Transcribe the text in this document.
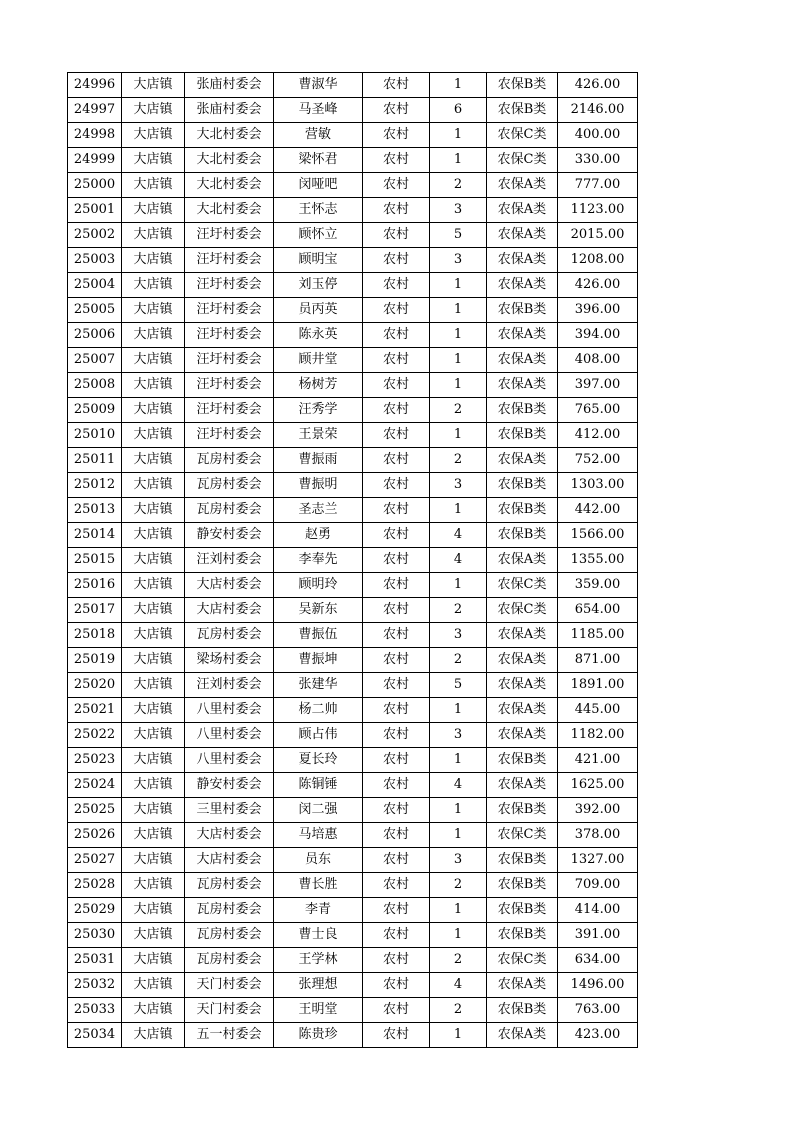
24996	大店镇	张庙村委会	曹淑华	农村	1	农保B类	426.00
24997	大店镇	张庙村委会	马圣峰	农村	6	农保B类	2146.00
24998	大店镇	大北村委会	营敏	农村	1	农保C类	400.00
24999	大店镇	大北村委会	梁怀君	农村	1	农保C类	330.00
25000	大店镇	大北村委会	闵哑吧	农村	2	农保A类	777.00
25001	大店镇	大北村委会	王怀志	农村	3	农保A类	1123.00
25002	大店镇	汪圩村委会	顾怀立	农村	5	农保A类	2015.00
25003	大店镇	汪圩村委会	顾明宝	农村	3	农保A类	1208.00
25004	大店镇	汪圩村委会	刘玉停	农村	1	农保A类	426.00
25005	大店镇	汪圩村委会	员丙英	农村	1	农保B类	396.00
25006	大店镇	汪圩村委会	陈永英	农村	1	农保A类	394.00
25007	大店镇	汪圩村委会	顾井堂	农村	1	农保A类	408.00
25008	大店镇	汪圩村委会	杨树芳	农村	1	农保A类	397.00
25009	大店镇	汪圩村委会	汪秀学	农村	2	农保B类	765.00
25010	大店镇	汪圩村委会	王景荣	农村	1	农保B类	412.00
25011	大店镇	瓦房村委会	曹振雨	农村	2	农保A类	752.00
25012	大店镇	瓦房村委会	曹振明	农村	3	农保B类	1303.00
25013	大店镇	瓦房村委会	圣志兰	农村	1	农保B类	442.00
25014	大店镇	静安村委会	赵勇	农村	4	农保B类	1566.00
25015	大店镇	汪刘村委会	李奉先	农村	4	农保A类	1355.00
25016	大店镇	大店村委会	顾明玲	农村	1	农保C类	359.00
25017	大店镇	大店村委会	吴新东	农村	2	农保C类	654.00
25018	大店镇	瓦房村委会	曹振伍	农村	3	农保A类	1185.00
25019	大店镇	梁场村委会	曹振坤	农村	2	农保A类	871.00
25020	大店镇	汪刘村委会	张建华	农村	5	农保A类	1891.00
25021	大店镇	八里村委会	杨二帅	农村	1	农保A类	445.00
25022	大店镇	八里村委会	顾占伟	农村	3	农保A类	1182.00
25023	大店镇	八里村委会	夏长玲	农村	1	农保B类	421.00
25024	大店镇	静安村委会	陈铜锤	农村	4	农保A类	1625.00
25025	大店镇	三里村委会	闵二强	农村	1	农保B类	392.00
25026	大店镇	大店村委会	马培惠	农村	1	农保C类	378.00
25027	大店镇	大店村委会	员东	农村	3	农保B类	1327.00
25028	大店镇	瓦房村委会	曹长胜	农村	2	农保B类	709.00
25029	大店镇	瓦房村委会	李青	农村	1	农保B类	414.00
25030	大店镇	瓦房村委会	曹士良	农村	1	农保B类	391.00
25031	大店镇	瓦房村委会	王学林	农村	2	农保C类	634.00
25032	大店镇	天门村委会	张理想	农村	4	农保A类	1496.00
25033	大店镇	天门村委会	王明堂	农村	2	农保B类	763.00
25034	大店镇	五一村委会	陈贵珍	农村	1	农保A类	423.00
